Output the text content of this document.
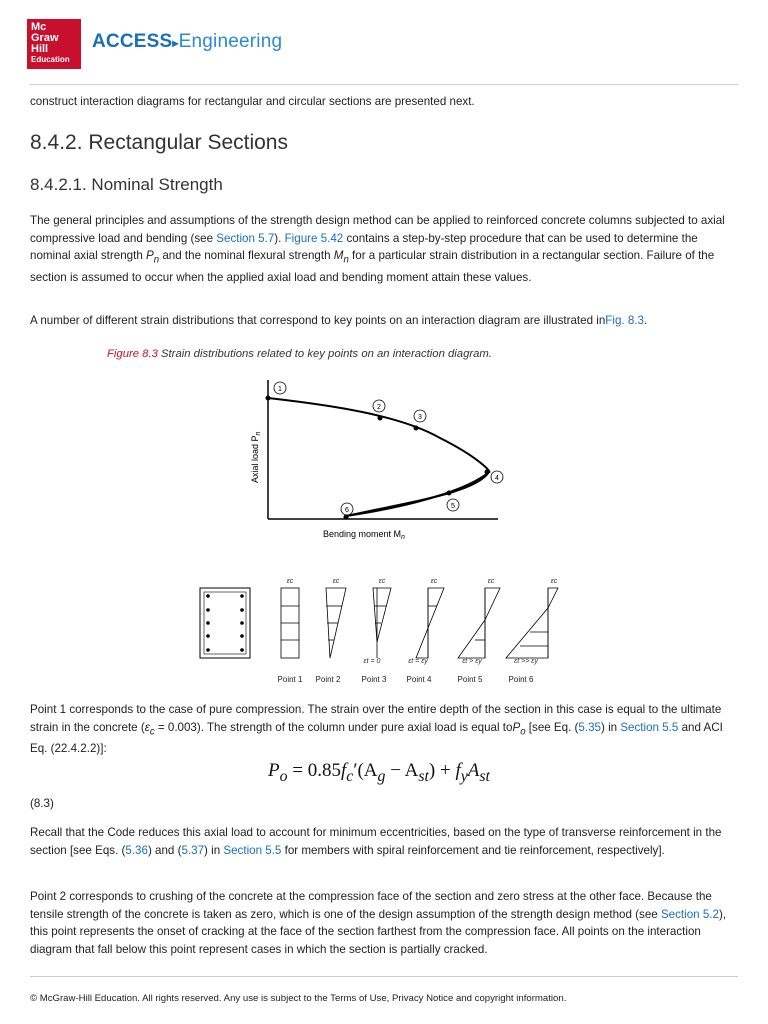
Mc
Graw
Hill
Education
ACCESS▸Engineering
construct interaction diagrams for rectangular and circular sections are presented next.
8.4.2. Rectangular Sections
8.4.2.1. Nominal Strength
The general principles and assumptions of the strength design method can be applied to reinforced concrete columns subjected to axial compressive load and bending (see Section 5.7). Figure 5.42 contains a step-by-step procedure that can be used to determine the nominal axial strength $P_n$ and the nominal flexural strength $M_n$ for a particular strain distribution in a rectangular section. Failure of the section is assumed to occur when the applied axial load and bending moment attain these values.
A number of different strain distributions that correspond to key points on an interaction diagram are illustrated inFig. 8.3.
Figure 8.3 Strain distributions related to key points on an interaction diagram.
Axial load $P_n$
Bending moment $M_n$
1
2
3
4
5
6
εc	εc	εc	εc	εc	εc
εt = 0	εt = εy	εt > εy	εt >> εy
Point 1 Point 2	Point 3	Point 4	Point 5	Point 6
Point 1 corresponds to the case of pure compression. The strain over the entire depth of the section in this case is equal to the ultimate strain in the concrete $(\varepsilon_c = 0.003)$. The strength of the column under pure axial load is equal toP$_o$ [see Eq. (5.35) in Section 5.5 and ACI Eq. (22.4.2.2)]:
$P_o = 0.85f_c'(A_g - A_{st}) + f_yA_{st}$
(8.3)
Recall that the Code reduces this axial load to account for minimum eccentricities, based on the type of transverse reinforcement in the section [see Eqs. (5.36) and (5.37) in Section 5.5 for members with spiral reinforcement and tie reinforcement, respectively].
Point 2 corresponds to crushing of the concrete at the compression face of the section and zero stress at the other face. Because the tensile strength of the concrete is taken as zero, which is one of the design assumption of the strength design method (see Section 5.2), this point represents the onset of cracking at the face of the section farthest from the compression face. All points on the interaction diagram that fall below this point represent cases in which the section is partially cracked.
© McGraw-Hill Education. All rights reserved. Any use is subject to the Terms of Use, Privacy Notice and copyright information.
